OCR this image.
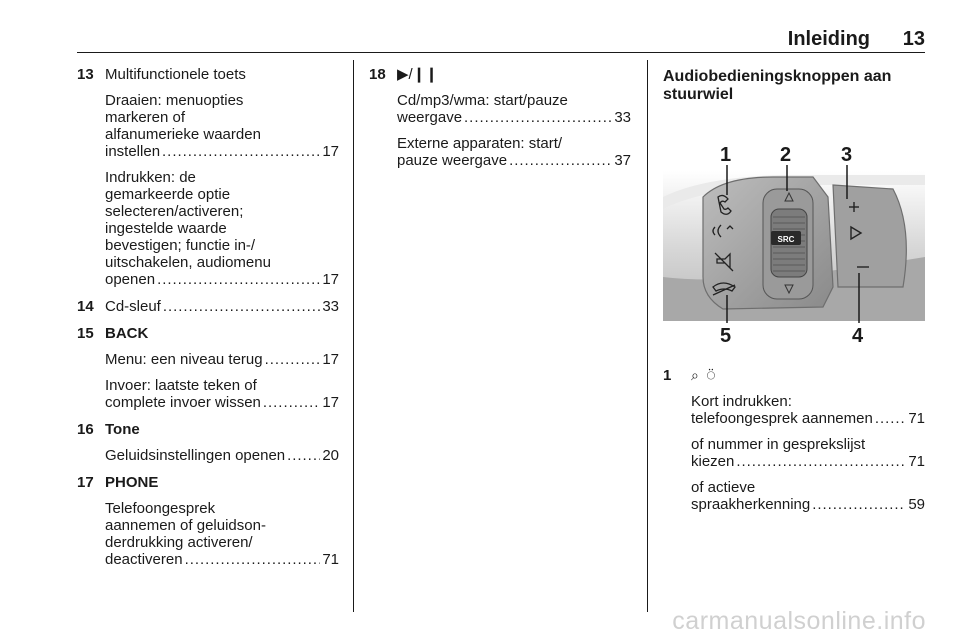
Inleiding 13
13 Multifunctionele toets
Draaien: menuopties
markeren of
alfanumerieke waarden
instellen . . .	17
Indrukken: de
gemarkeerde optie
selecteren/activeren;
ingestelde waarde
bevestigen; functie in-/
uitschakelen, audiomenu
openen . . .	17
14 Cd-sleuf . . .	33
15 BACK
Menu: een niveau terug . . .	17
Invoer: laatste teken of
complete invoer wissen . . .	17
16 Tone
Geluidsinstellingen openen . . . 20
17 PHONE
Telefoongesprek
aannemen of geluidson-
derdrukking activeren/
deactiveren . . .	71
18 ▶/❙❙
Cd/mp3/wma: start/pauze
weergave . . .	33
Externe apparaten: start/
pauze weergave . . .	37
Audiobedieningsknoppen aan
stuurwiel
SRC
1 2 3
4
5
1 ⌕ ⍥
Kort indrukken:
telefoongesprek aannemen . . . 71
of nummer in gesprekslijst
kiezen . . .	71
of actieve
spraakherkenning . . .	59
carmanualsonline.info
